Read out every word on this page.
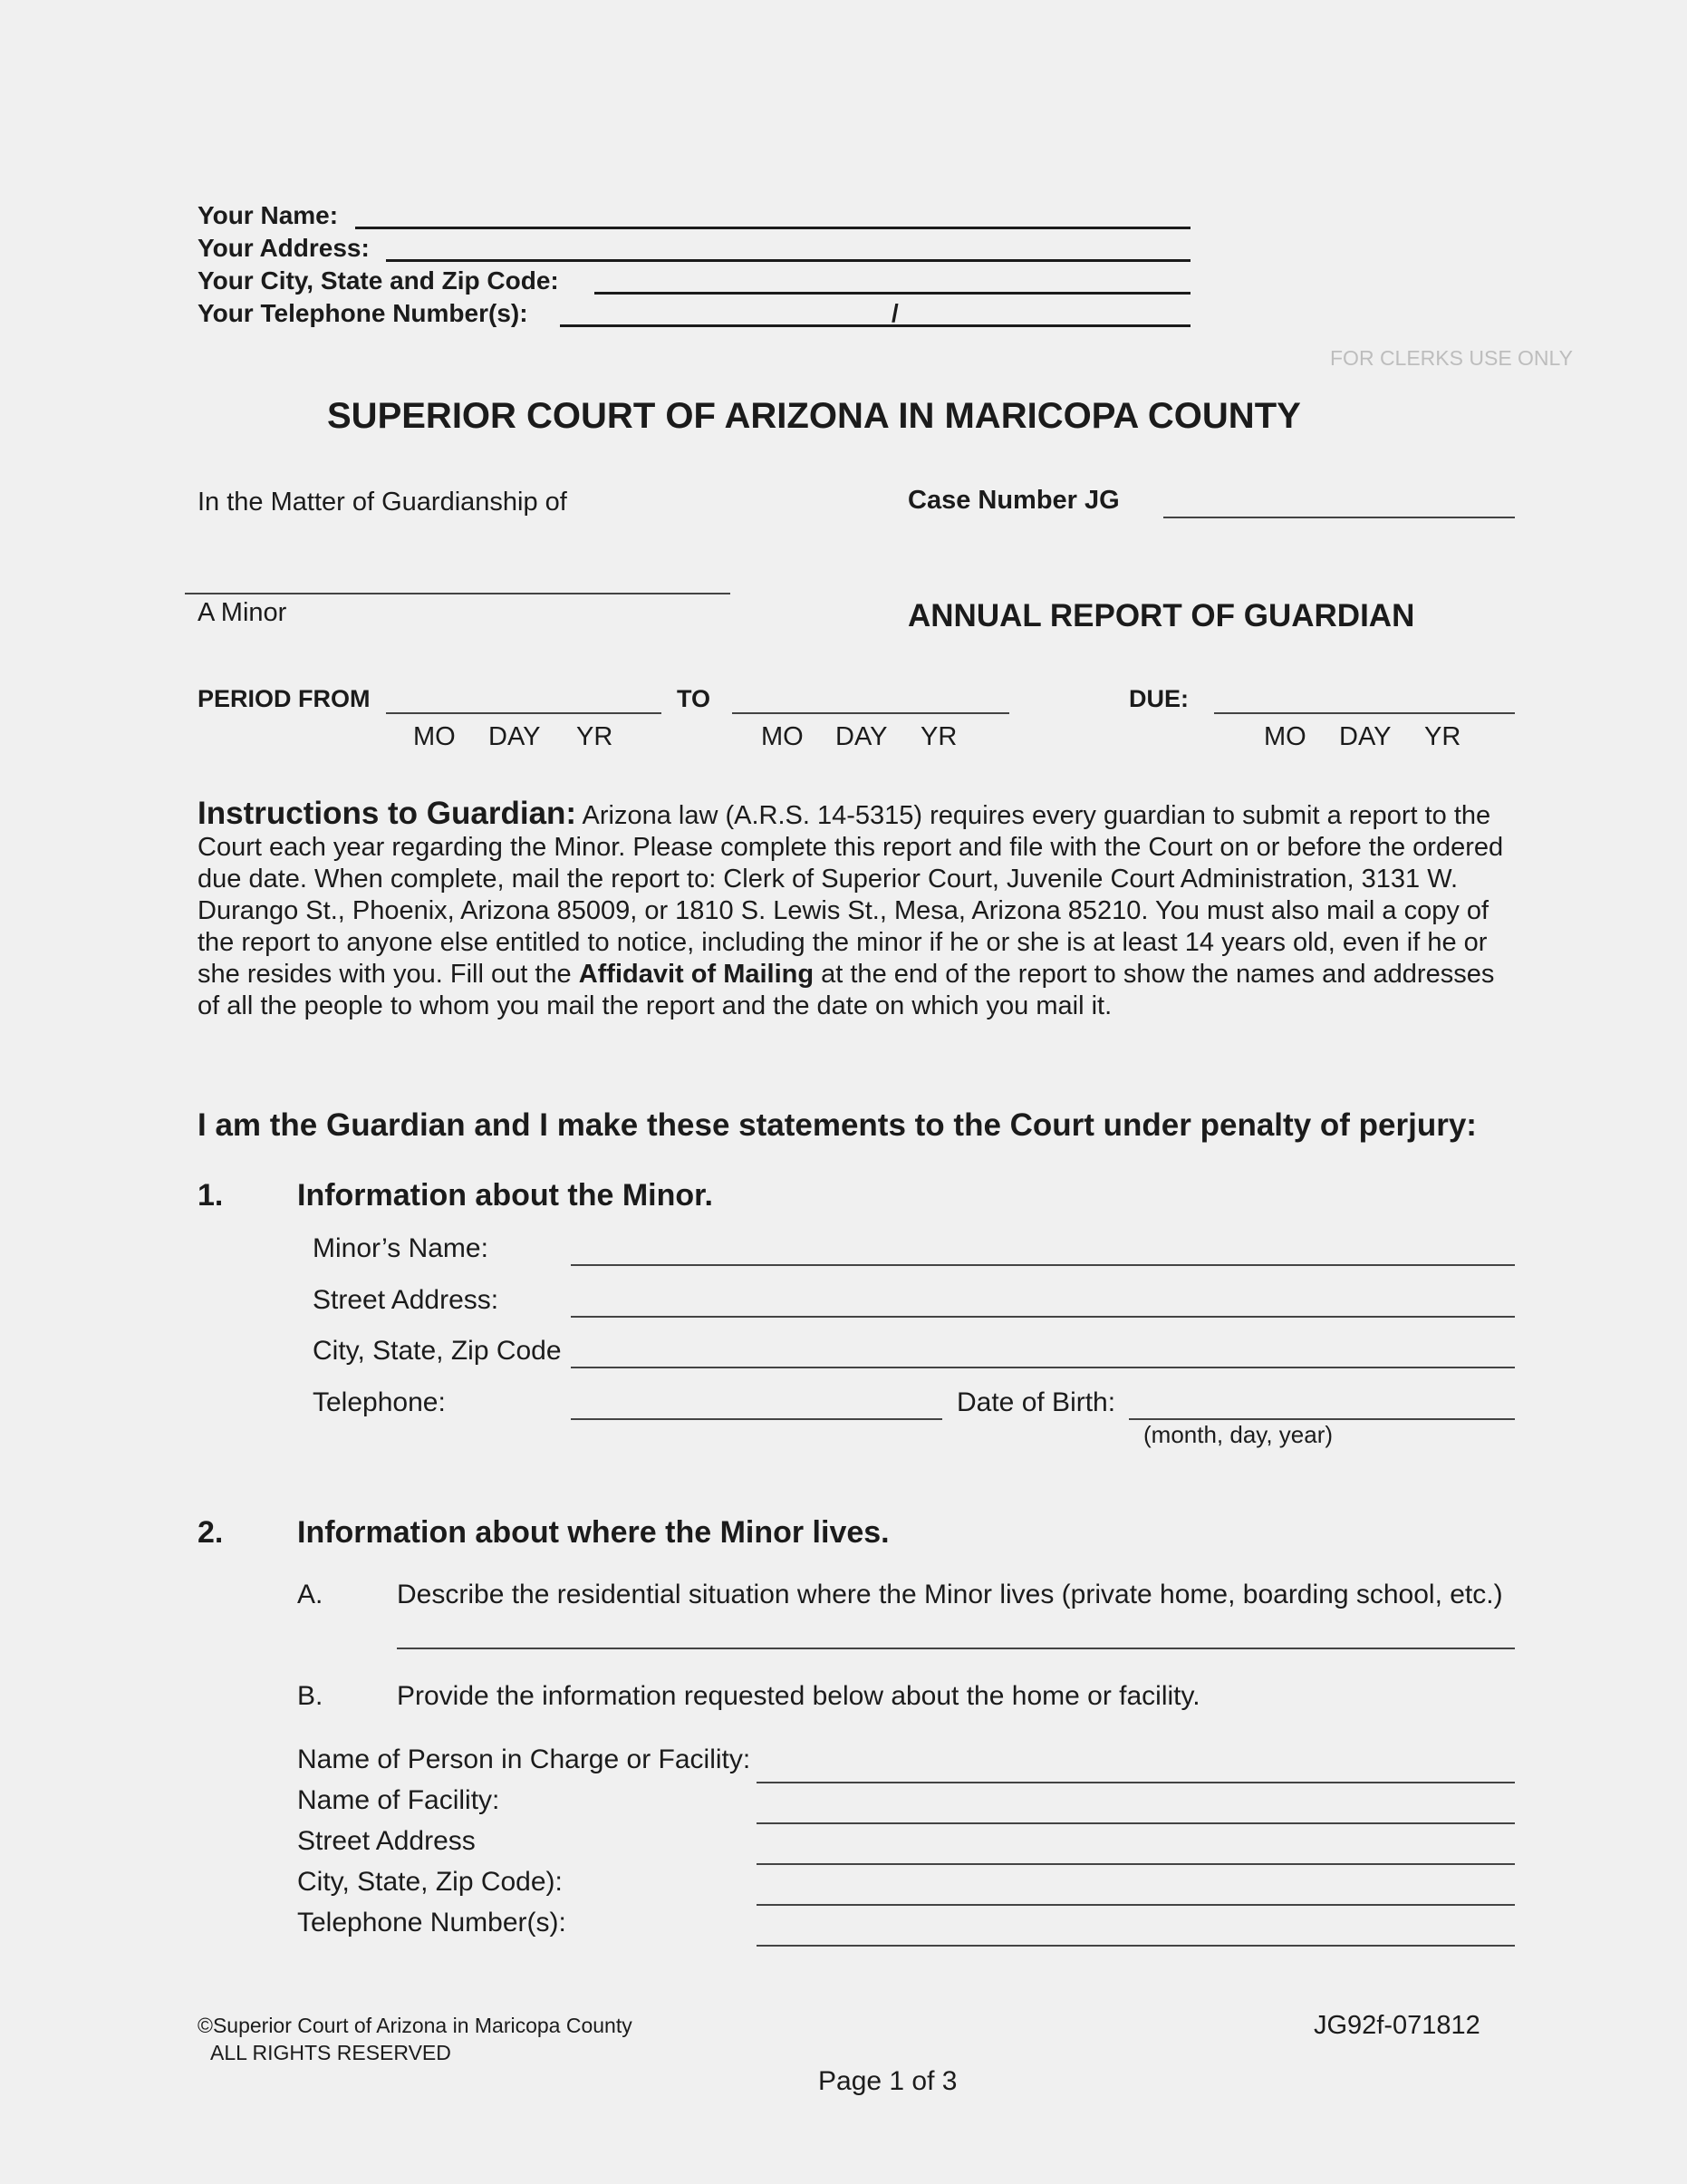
Your Name:
Your Address:
Your City, State and Zip Code:
Your Telephone Number(s):	/
FOR CLERKS USE ONLY
SUPERIOR COURT OF ARIZONA IN MARICOPA COUNTY
In the Matter of Guardianship of	Case Number JG
A Minor	ANNUAL REPORT OF GUARDIAN
PERIOD FROM	TO	DUE:
MO DAY YR	MO DAY YR	MO DAY YR
Instructions to Guardian: Arizona law (A.R.S. 14-5315) requires every guardian to submit a report to the Court each year regarding the Minor. Please complete this report and file with the Court on or before the ordered due date. When complete, mail the report to: Clerk of Superior Court, Juvenile Court Administration, 3131 W. Durango St., Phoenix, Arizona 85009, or 1810 S. Lewis St., Mesa, Arizona 85210. You must also mail a copy of the report to anyone else entitled to notice, including the minor if he or she is at least 14 years old, even if he or she resides with you. Fill out the Affidavit of Mailing at the end of the report to show the names and addresses of all the people to whom you mail the report and the date on which you mail it.
I am the Guardian and I make these statements to the Court under penalty of perjury:
1. Information about the Minor.
Minor’s Name:
Street Address:
City, State, Zip Code
Telephone:	Date of Birth:
(month, day, year)
2. Information about where the Minor lives.
A.	Describe the residential situation where the Minor lives (private home, boarding school, etc.)
B.	Provide the information requested below about the home or facility.
Name of Person in Charge or Facility:
Name of Facility:
Street Address
City, State, Zip Code):
Telephone Number(s):
©Superior Court of Arizona in Maricopa County
ALL RIGHTS RESERVED
JG92f-071812
Page 1 of 3
